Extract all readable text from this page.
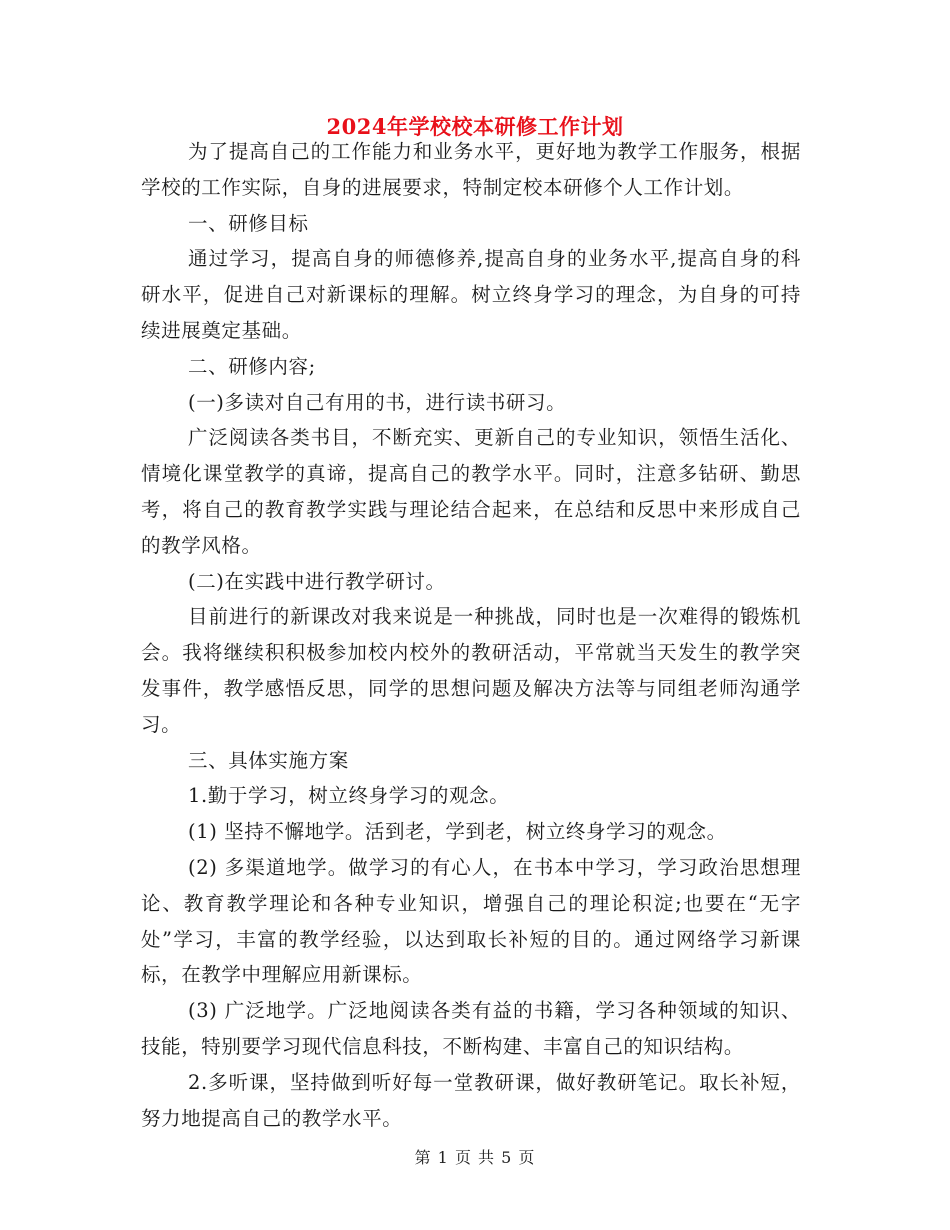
2024年学校校本研修工作计划

为了提高自己的工作能力和业务水平，更好地为教学工作服务，根据学校的工作实际，自身的进展要求，特制定校本研修个人工作计划。

一、研修目标

通过学习，提高自身的师德修养,提高自身的业务水平,提高自身的科研水平，促进自己对新课标的理解。树立终身学习的理念，为自身的可持续进展奠定基础。

二、研修内容;

(一)多读对自己有用的书，进行读书研习。

广泛阅读各类书目，不断充实、更新自己的专业知识，领悟生活化、情境化课堂教学的真谛，提高自己的教学水平。同时，注意多钻研、勤思考，将自己的教育教学实践与理论结合起来，在总结和反思中来形成自己的教学风格。

(二)在实践中进行教学研讨。

目前进行的新课改对我来说是一种挑战，同时也是一次难得的锻炼机会。我将继续积积极参加校内校外的教研活动，平常就当天发生的教学突发事件，教学感悟反思，同学的思想问题及解决方法等与同组老师沟通学习。

三、具体实施方案

1.勤于学习，树立终身学习的观念。

(1) 坚持不懈地学。活到老，学到老，树立终身学习的观念。

(2) 多渠道地学。做学习的有心人，在书本中学习，学习政治思想理论、教育教学理论和各种专业知识，增强自己的理论积淀;也要在“无字处”学习，丰富的教学经验，以达到取长补短的目的。通过网络学习新课标，在教学中理解应用新课标。

(3) 广泛地学。广泛地阅读各类有益的书籍，学习各种领域的知识、技能，特别要学习现代信息科技，不断构建、丰富自己的知识结构。

2.多听课，坚持做到听好每一堂教研课，做好教研笔记。取长补短，努力地提高自己的教学水平。

第 1 页 共 5 页
